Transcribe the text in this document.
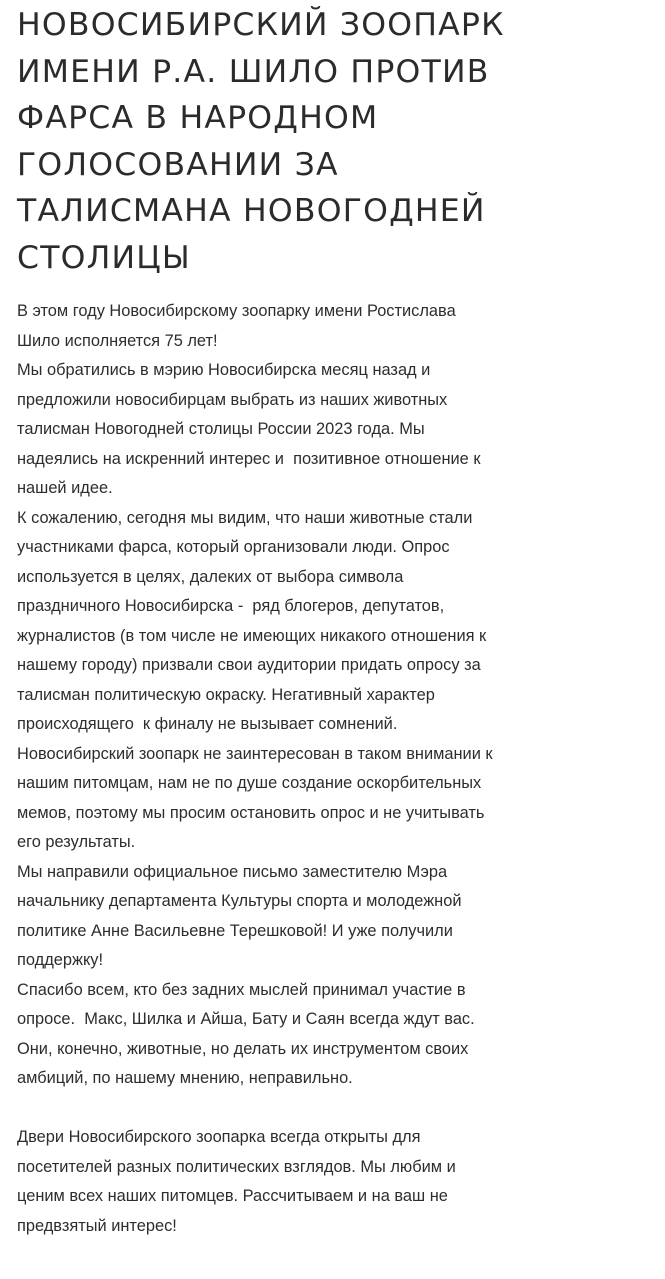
НОВОСИБИРСКИЙ ЗООПАРК
ИМЕНИ Р.А. ШИЛО ПРОТИВ
ФАРСА В НАРОДНОМ
ГОЛОСОВАНИИ ЗА
ТАЛИСМАНА НОВОГОДНЕЙ
СТОЛИЦЫ
В этом году Новосибирскому зоопарку имени Ростислава
Шило исполняется 75 лет!
Мы обратились в мэрию Новосибирска месяц назад и
предложили новосибирцам выбрать из наших животных
талисман Новогодней столицы России 2023 года. Мы
надеялись на искренний интерес и  позитивное отношение к
нашей идее.
К сожалению, сегодня мы видим, что наши животные стали
участниками фарса, который организовали люди. Опрос
используется в целях, далеких от выбора символа
праздничного Новосибирска -  ряд блогеров, депутатов,
журналистов (в том числе не имеющих никакого отношения к
нашему городу) призвали свои аудитории придать опросу за
талисман политическую окраску. Негативный характер
происходящего  к финалу не вызывает сомнений.
Новосибирский зоопарк не заинтересован в таком внимании к
нашим питомцам, нам не по душе создание оскорбительных
мемов, поэтому мы просим остановить опрос и не учитывать
его результаты.
Мы направили официальное письмо заместителю Мэра
начальнику департамента Культуры спорта и молодежной
политике Анне Васильевне Терешковой! И уже получили
поддержку!
Спасибо всем, кто без задних мыслей принимал участие в
опросе.  Макс, Шилка и Айша, Бату и Саян всегда ждут вас.
Они, конечно, животные, но делать их инструментом своих
амбиций, по нашему мнению, неправильно.
Двери Новосибирского зоопарка всегда открыты для
посетителей разных политических взглядов. Мы любим и
ценим всех наших питомцев. Рассчитываем и на ваш не
предвзятый интерес!
